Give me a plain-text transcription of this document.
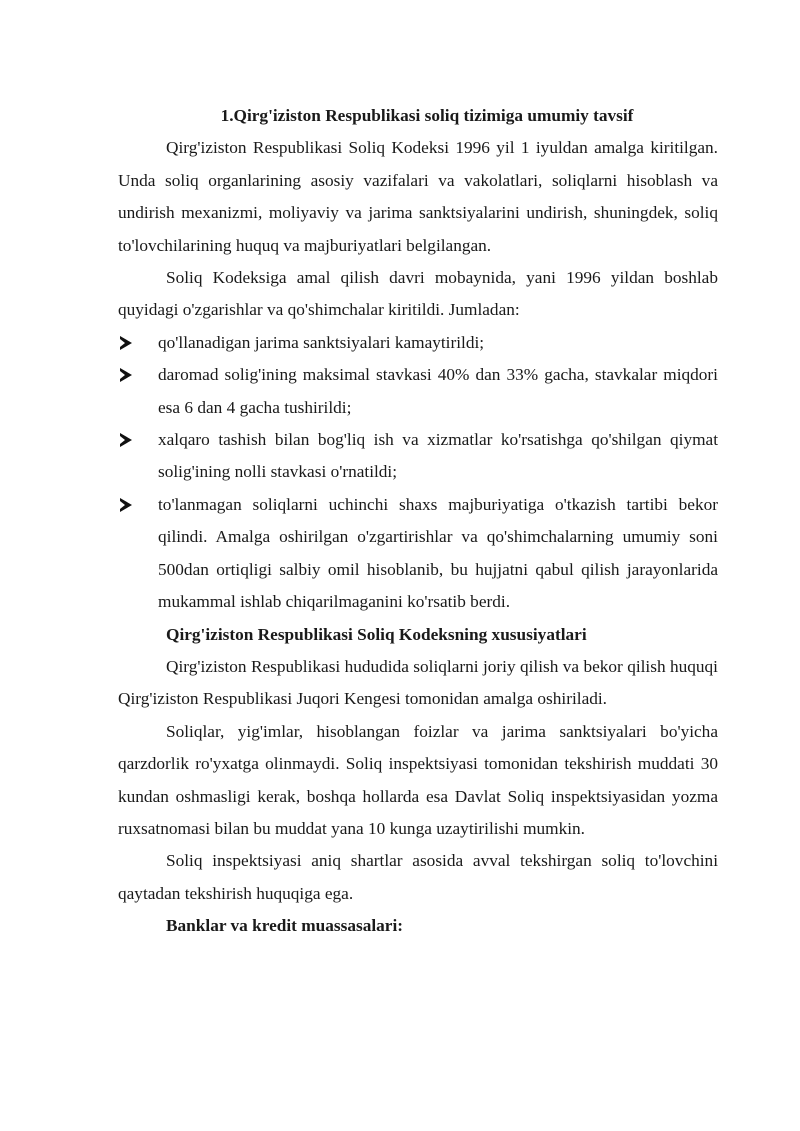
1.Qirg'iziston Respublikasi soliq tizimiga umumiy tavsif

Qirg'iziston Respublikasi Soliq Kodeksi 1996 yil 1 iyuldan amalga kiritilgan. Unda soliq organlarining asosiy vazifalari va vakolatlari, soliqlarni hisoblash va undirish mexanizmi, moliyaviy va jarima sanktsiyalarini undirish, shuningdek, soliq to'lovchilarining huquq va majburiyatlari belgilangan.

Soliq Kodeksiga amal qilish davri mobaynida, yani 1996 yildan boshlab quyidagi o'zgarishlar va qo'shimchalar kiritildi. Jumladan:

qo'llanadigan jarima sanktsiyalari kamaytirildi;
daromad solig'ining maksimal stavkasi 40% dan 33% gacha, stavkalar miqdori esa 6 dan 4 gacha tushirildi;
xalqaro tashish bilan bog'liq ish va xizmatlar ko'rsatishga qo'shilgan qiymat solig'ining nolli stavkasi o'rnatildi;
to'lanmagan soliqlarni uchinchi shaxs majburiyatiga o'tkazish tartibi bekor qilindi. Amalga oshirilgan o'zgartirishlar va qo'shimchalarning umumiy soni 500dan ortiqligi salbiy omil hisoblanib, bu hujjatni qabul qilish jarayonlarida mukammal ishlab chiqarilmaganini ko'rsatib berdi.

Qirg'iziston Respublikasi Soliq Kodeksning xususiyatlari

Qirg'iziston Respublikasi hududida soliqlarni joriy qilish va bekor qilish huquqi Qirg'iziston Respublikasi Juqori Kengesi tomonidan amalga oshiriladi.

Soliqlar, yig'imlar, hisoblangan foizlar va jarima sanktsiyalari bo'yicha qarzdorlik ro'yxatga olinmaydi. Soliq inspektsiyasi tomonidan tekshirish muddati 30 kundan oshmasligi kerak, boshqa hollarda esa Davlat Soliq inspektsiyasidan yozma ruxsatnomasi bilan bu muddat yana 10 kunga uzaytirilishi mumkin.

Soliq inspektsiyasi aniq shartlar asosida avval tekshirgan soliq to'lovchini qaytadan tekshirish huquqiga ega.

Banklar va kredit muassasalari:
